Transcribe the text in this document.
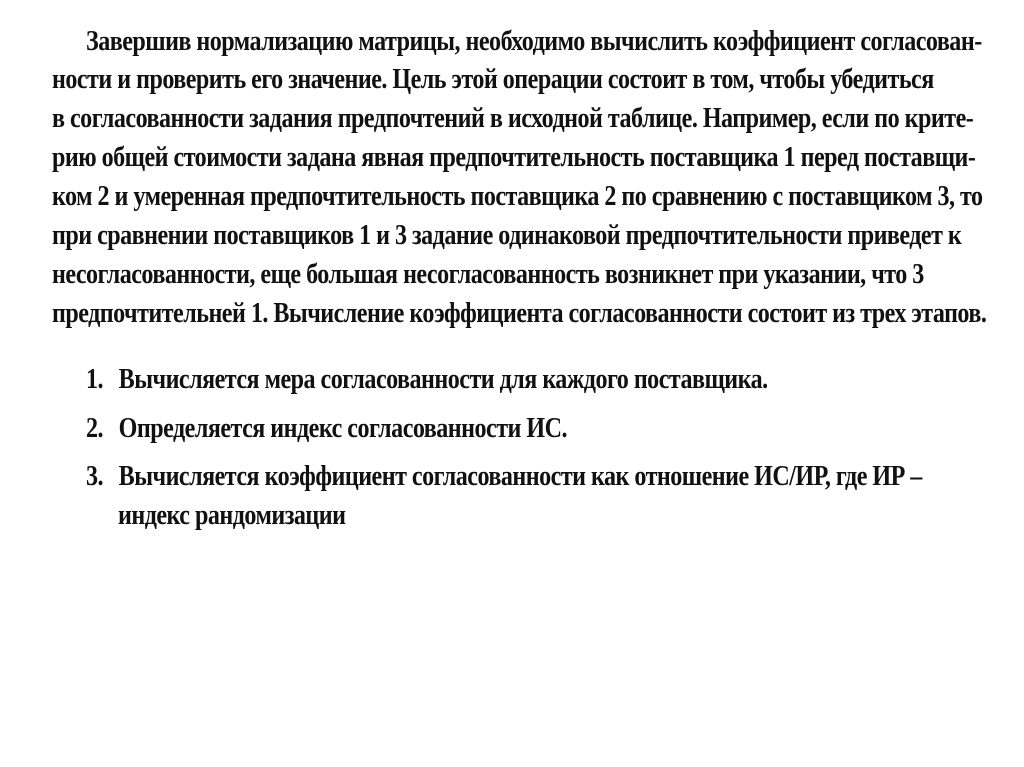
Завершив нормализацию матрицы, необходимо вычислить коэффициент согласован-
ности и проверить его значение. Цель этой операции состоит в том, чтобы убедиться
в согласованности задания предпочтений в исходной таблице. Например, если по крите-
рию общей стоимости задана явная предпочтительность поставщика 1 перед поставщи-
ком 2 и умеренная предпочтительность поставщика 2 по сравнению с поставщиком 3, то
при сравнении поставщиков 1 и 3 задание одинаковой предпочтительности приведет к
несогласованности, еще большая несогласованность возникнет при указании, что 3
предпочтительней 1. Вычисление коэффициента согласованности состоит из трех этапов.
1. Вычисляется мера согласованности для каждого поставщика.
2. Определяется индекс согласованности ИС.
3. Вычисляется коэффициент согласованности как отношение ИС/ИР, где ИР –
индекс рандомизации
